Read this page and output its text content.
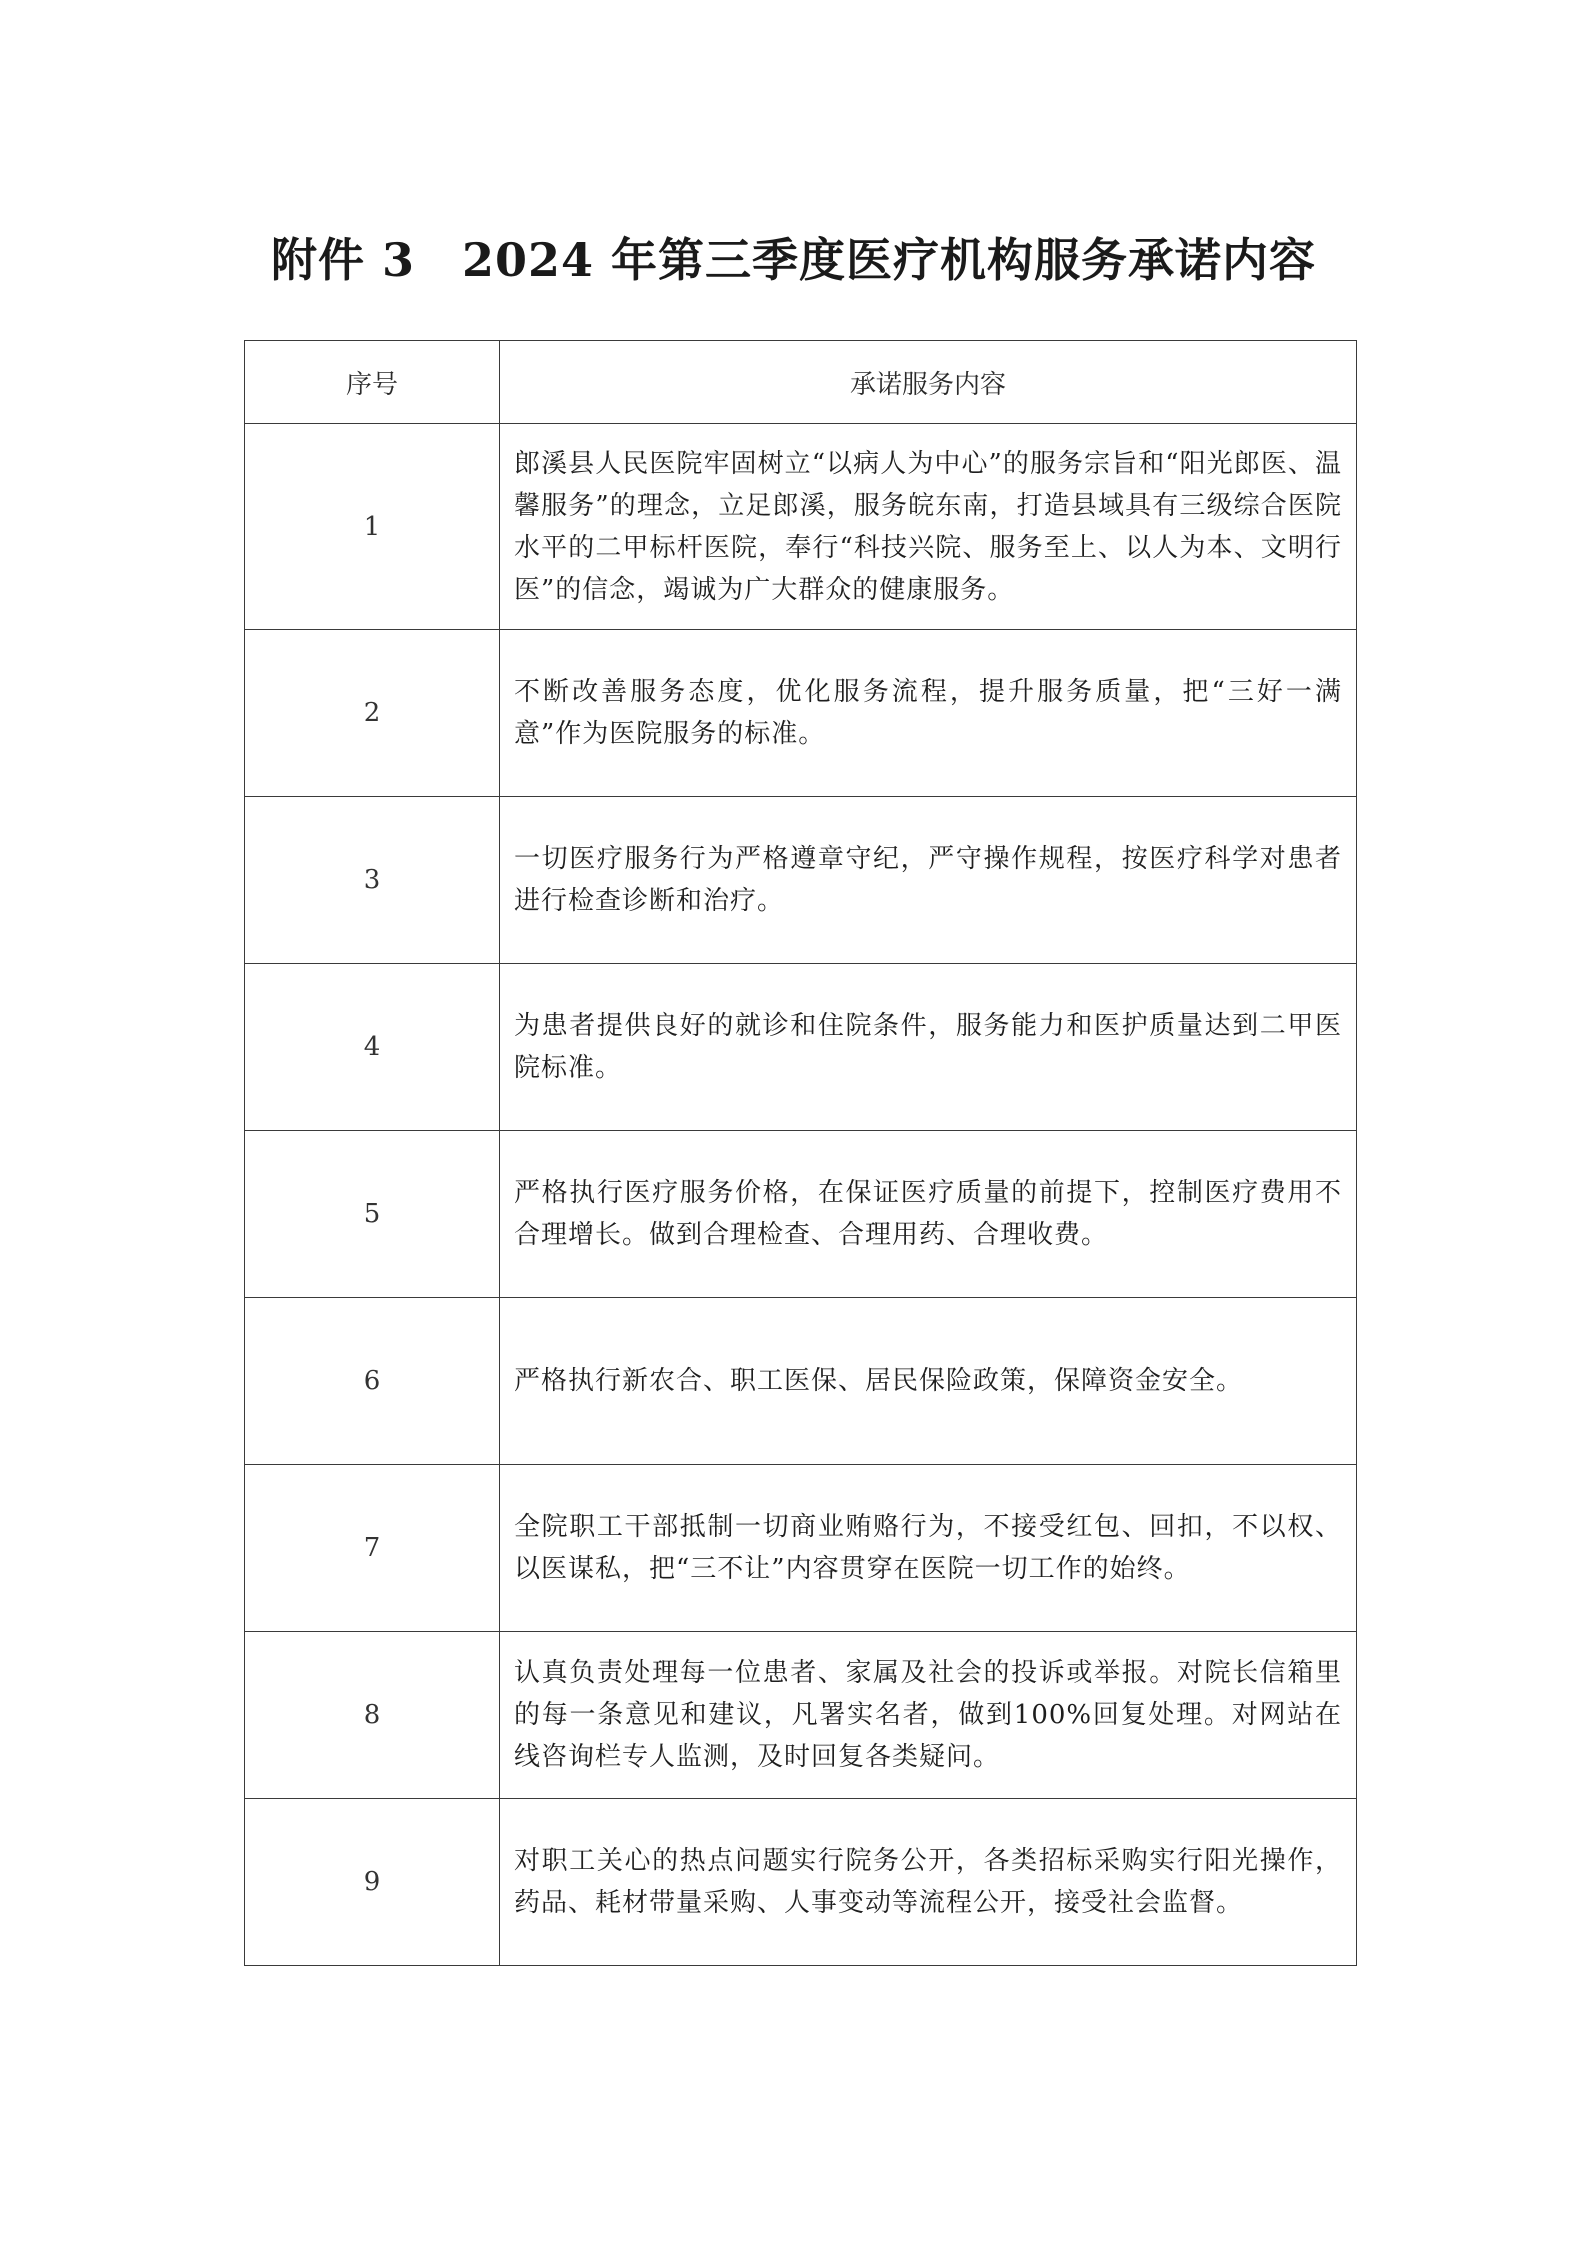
附件 3　2024 年第三季度医疗机构服务承诺内容
序号	承诺服务内容
1	郎溪县人民医院牢固树立“以病人为中心”的服务宗旨和“阳光郎医、温馨服务”的理念，立足郎溪，服务皖东南，打造县域具有三级综合医院水平的二甲标杆医院，奉行“科技兴院、服务至上、以人为本、文明行医”的信念，竭诚为广大群众的健康服务。
2	不断改善服务态度，优化服务流程，提升服务质量，把“三好一满意”作为医院服务的标准。
3	一切医疗服务行为严格遵章守纪，严守操作规程，按医疗科学对患者进行检查诊断和治疗。
4	为患者提供良好的就诊和住院条件，服务能力和医护质量达到二甲医院标准。
5	严格执行医疗服务价格，在保证医疗质量的前提下，控制医疗费用不合理增长。做到合理检查、合理用药、合理收费。
6	严格执行新农合、职工医保、居民保险政策，保障资金安全。
7	全院职工干部抵制一切商业贿赂行为，不接受红包、回扣，不以权、以医谋私，把“三不让”内容贯穿在医院一切工作的始终。
8	认真负责处理每一位患者、家属及社会的投诉或举报。对院长信箱里的每一条意见和建议，凡署实名者，做到100%回复处理。对网站在线咨询栏专人监测，及时回复各类疑问。
9	对职工关心的热点问题实行院务公开，各类招标采购实行阳光操作，药品、耗材带量采购、人事变动等流程公开，接受社会监督。
